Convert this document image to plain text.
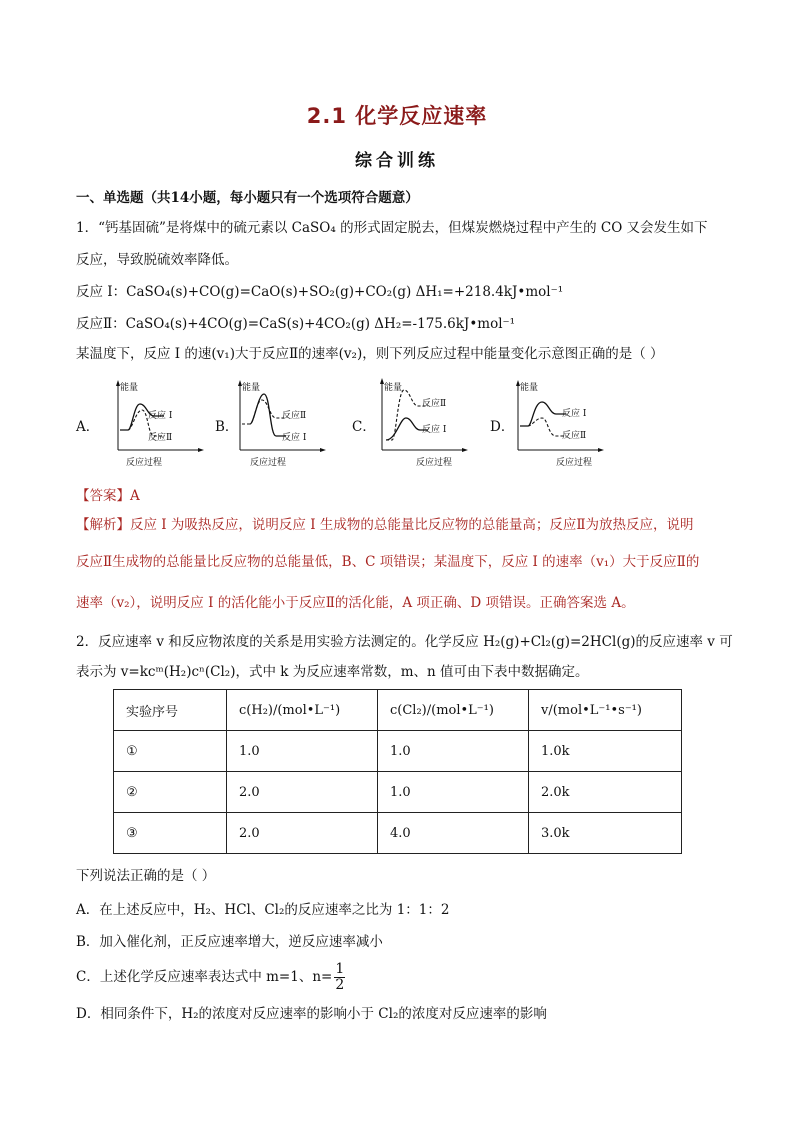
2.1 化学反应速率
综合训练
一、单选题（共14小题，每小题只有一个选项符合题意）
1．“钙基固硫”是将煤中的硫元素以 CaSO₄ 的形式固定脱去，但煤炭燃烧过程中产生的 CO 又会发生如下
反应，导致脱硫效率降低。
反应 I：CaSO₄(s)+CO(g)=CaO(s)+SO₂(g)+CO₂(g) ΔH₁=+218.4kJ•mol⁻¹
反应Ⅱ：CaSO₄(s)+4CO(g)=CaS(s)+4CO₂(g) ΔH₂=-175.6kJ•mol⁻¹
某温度下，反应 I 的速(v₁)大于反应Ⅱ的速率(v₂)，则下列反应过程中能量变化示意图正确的是（ ）
A．
能量
反应过程
反应 I
反应Ⅱ
B．
能量
反应过程
反应Ⅱ
反应 I
C．
能量
反应过程
反应Ⅱ
反应 I	D．
能量
反应过程
反应 I
反应Ⅱ
【答案】A
【解析】反应 I 为吸热反应，说明反应 I 生成物的总能量比反应物的总能量高；反应Ⅱ为放热反应，说明
反应Ⅱ生成物的总能量比反应物的总能量低，B、C 项错误；某温度下，反应 I 的速率（v₁）大于反应Ⅱ的
速率（v₂），说明反应 I 的活化能小于反应Ⅱ的活化能，A 项正确、D 项错误。正确答案选 A。
2．反应速率 v 和反应物浓度的关系是用实验方法测定的。化学反应 H₂(g)+Cl₂(g)=2HCl(g)的反应速率 v 可
表示为 v=kcᵐ(H₂)cⁿ(Cl₂)，式中 k 为反应速率常数，m、n 值可由下表中数据确定。
实验序号	c(H₂)/(mol•L⁻¹)	c(Cl₂)/(mol•L⁻¹)	v/(mol•L⁻¹•s⁻¹)
①	1.0	1.0	1.0k
②	2.0	1.0	2.0k
③	2.0	4.0	3.0k
下列说法正确的是（ ）
A．在上述反应中，H₂、HCl、Cl₂的反应速率之比为 1：1：2
B．加入催化剂，正反应速率增大，逆反应速率减小
C．上述化学反应速率表达式中 m=1、$n= \frac{1}{2}$
D．相同条件下，H₂的浓度对反应速率的影响小于 Cl₂的浓度对反应速率的影响
